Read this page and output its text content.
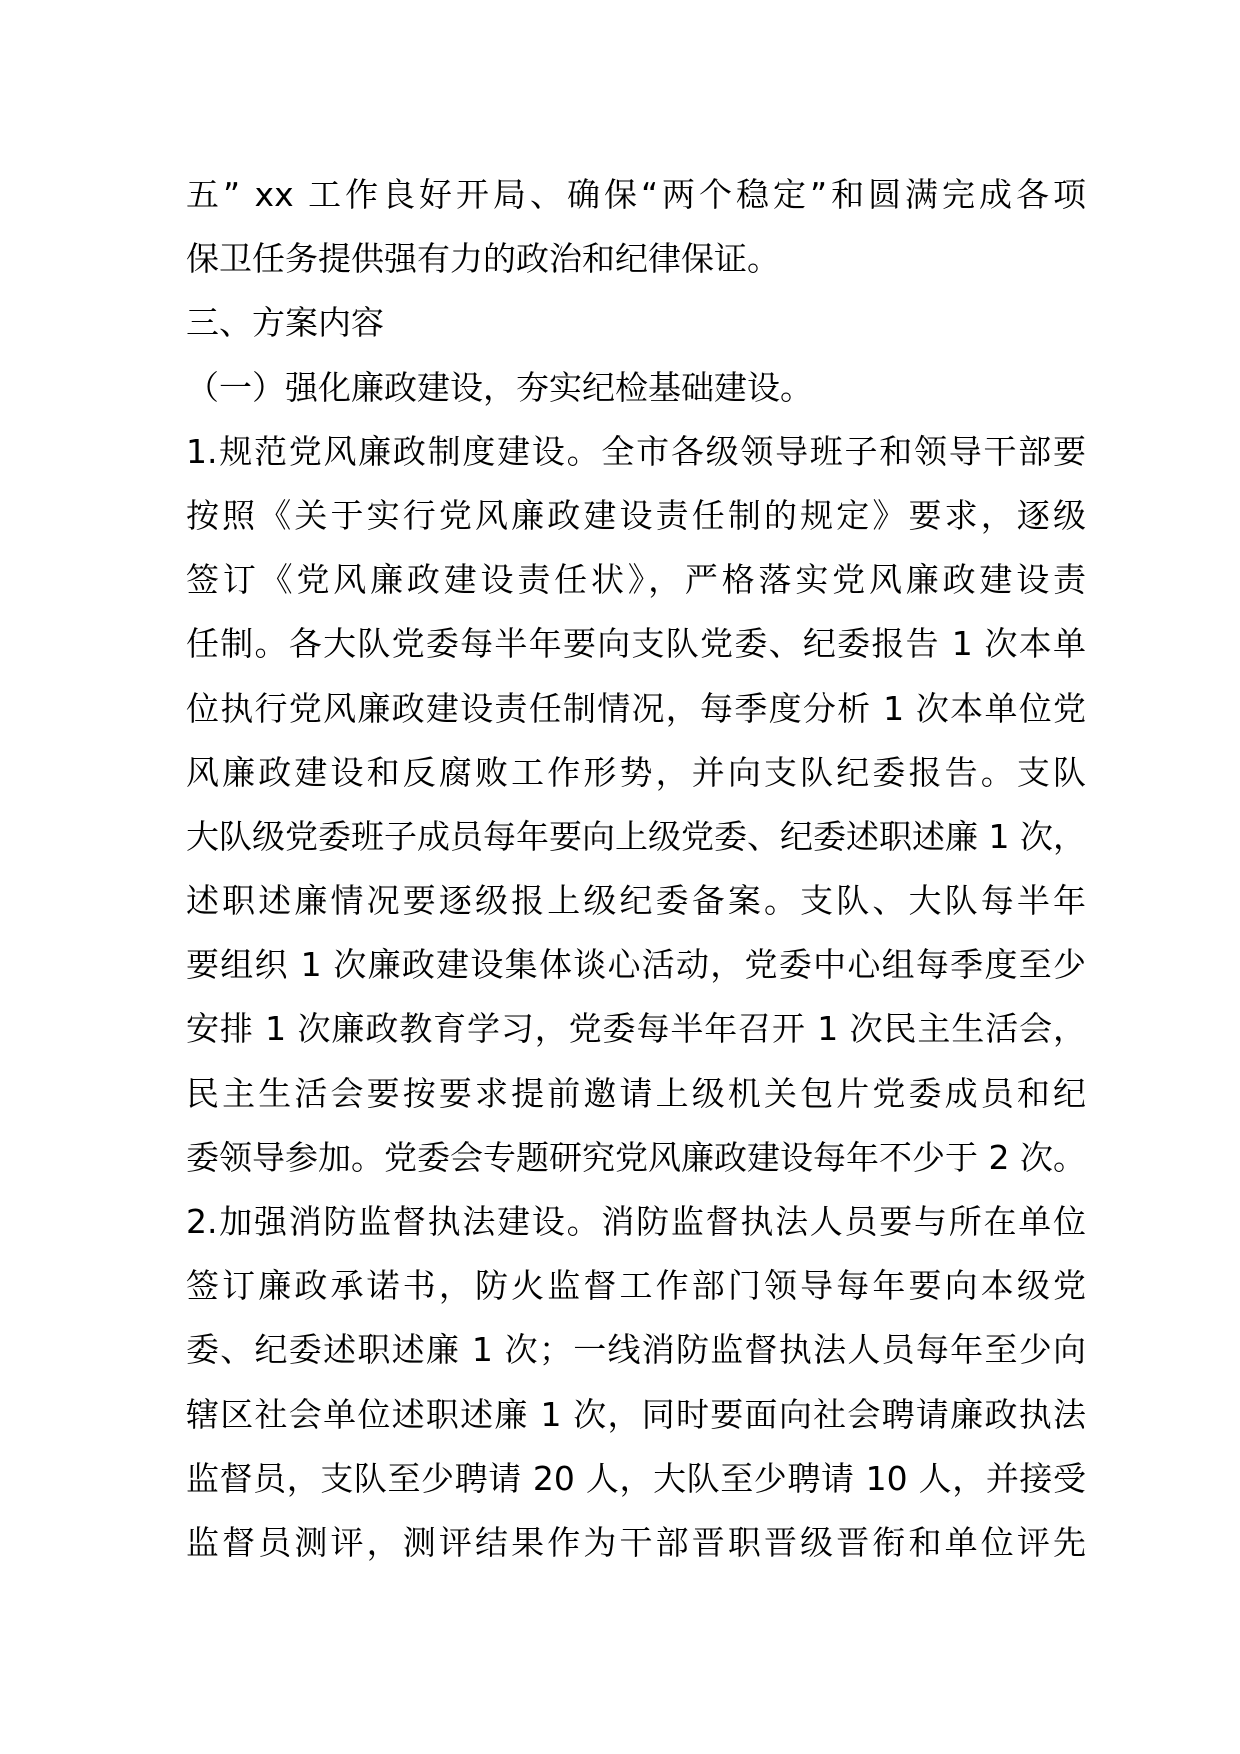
五” xx 工作良好开局、确保“两个稳定”和圆满完成各项
保卫任务提供强有力的政治和纪律保证。
三、方案内容
（一）强化廉政建设，夯实纪检基础建设。
1.规范党风廉政制度建设。全市各级领导班子和领导干部要
按照《关于实行党风廉政建设责任制的规定》要求，逐级
签订《党风廉政建设责任状》，严格落实党风廉政建设责
任制。各大队党委每半年要向支队党委、纪委报告 1 次本单
位执行党风廉政建设责任制情况，每季度分析 1 次本单位党
风廉政建设和反腐败工作形势，并向支队纪委报告。支队
大队级党委班子成员每年要向上级党委、纪委述职述廉 1 次，
述职述廉情况要逐级报上级纪委备案。支队、大队每半年
要组织 1 次廉政建设集体谈心活动，党委中心组每季度至少
安排 1 次廉政教育学习，党委每半年召开 1 次民主生活会，
民主生活会要按要求提前邀请上级机关包片党委成员和纪
委领导参加。党委会专题研究党风廉政建设每年不少于 2 次。
2.加强消防监督执法建设。消防监督执法人员要与所在单位
签订廉政承诺书，防火监督工作部门领导每年要向本级党
委、纪委述职述廉 1 次；一线消防监督执法人员每年至少向
辖区社会单位述职述廉 1 次，同时要面向社会聘请廉政执法
监督员，支队至少聘请 20 人，大队至少聘请 10 人，并接受
监督员测评，测评结果作为干部晋职晋级晋衔和单位评先
